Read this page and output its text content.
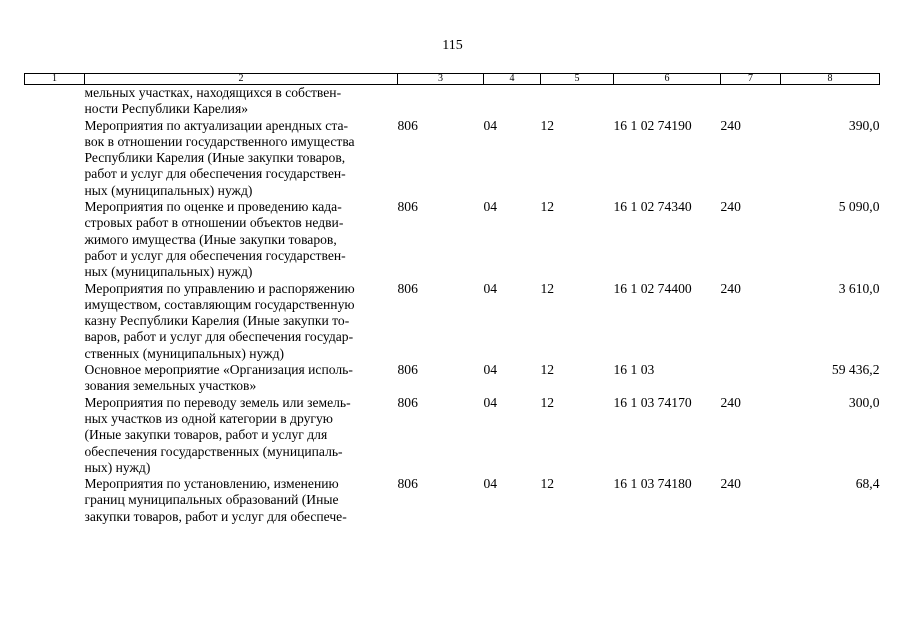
115
1	2	3	4	5	6	7	8

	мельных участках, находящихся в собствен-
ности Республики Карелия»						

	Мероприятия по актуализации арендных ста-
вок в отношении государственного имущества
Республики Карелия (Иные закупки товаров,
работ и услуг для обеспечения государствен-
ных (муниципальных) нужд)	806	04	12	16 1 02 74190	240	390,0

	Мероприятия по оценке и проведению када-
стровых работ в отношении объектов недви-
жимого имущества (Иные закупки товаров,
работ и услуг для обеспечения государствен-
ных (муниципальных) нужд)	806	04	12	16 1 02 74340	240	5 090,0

	Мероприятия по управлению и распоряжению
имуществом, составляющим государственную
казну Республики Карелия (Иные закупки то-
варов, работ и услуг для обеспечения государ-
ственных (муниципальных) нужд)	806	04	12	16 1 02 74400	240	3 610,0

	Основное мероприятие «Организация исполь-
зования земельных участков»	806	04	12	16 1 03		59 436,2

	Мероприятия по переводу земель или земель-
ных участков из одной категории в другую
(Иные закупки товаров, работ и услуг для
обеспечения государственных (муниципаль-
ных) нужд)	806	04	12	16 1 03 74170	240	300,0

	Мероприятия по установлению, изменению
границ муниципальных образований (Иные
закупки товаров, работ и услуг для обеспече-	806	04	12	16 1 03 74180	240	68,4
